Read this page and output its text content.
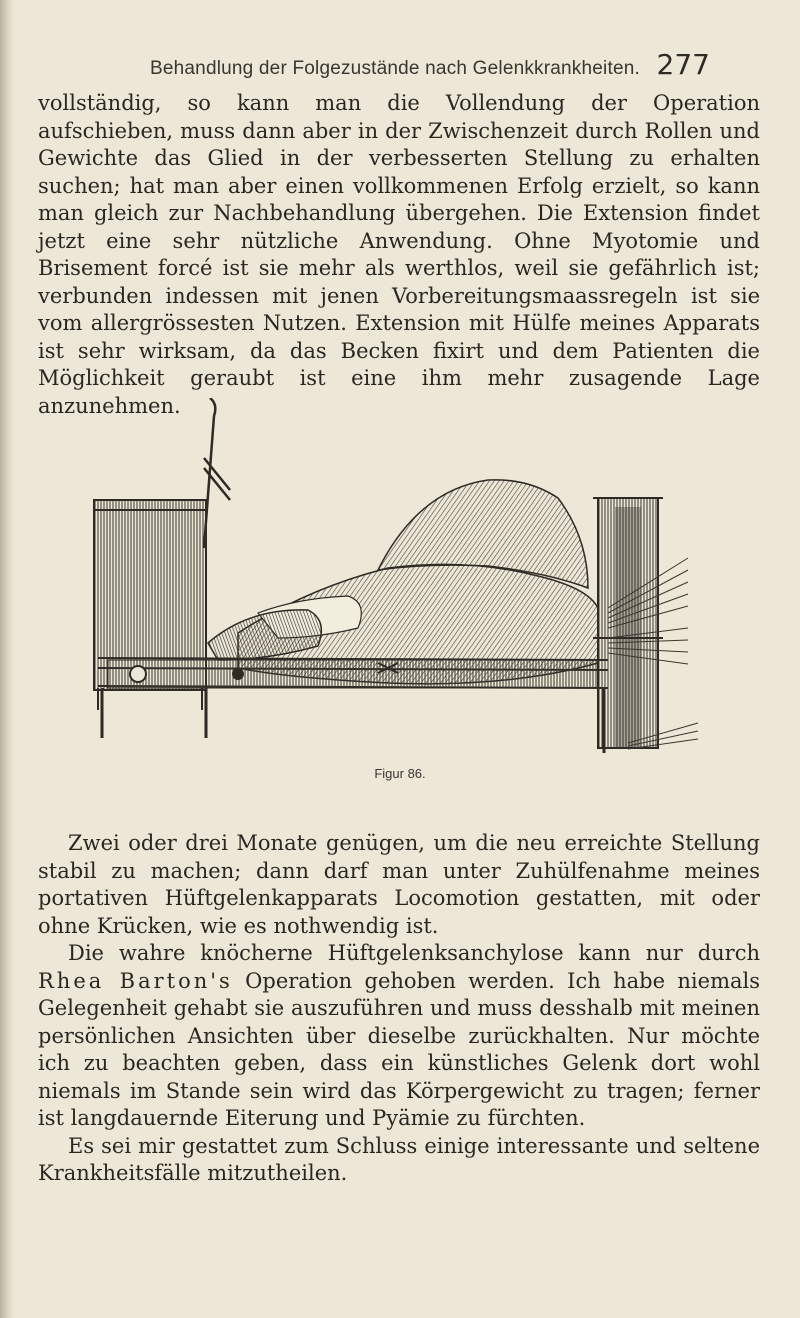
Behandlung der Folgezustände nach Gelenkkrankheiten. 277

vollständig, so kann man die Vollendung der Operation aufschieben, muss dann aber in der Zwischenzeit durch Rollen und Gewichte das Glied in der verbesserten Stellung zu erhalten suchen; hat man aber einen vollkommenen Erfolg erzielt, so kann man gleich zur Nachbehandlung übergehen. Die Extension findet jetzt eine sehr nützliche Anwendung. Ohne Myotomie und Brisement forcé ist sie mehr als werthlos, weil sie gefährlich ist; verbunden indessen mit jenen Vorbereitungsmaassregeln ist sie vom allergrössesten Nutzen. Extension mit Hülfe meines Apparats ist sehr wirksam, da das Becken fixirt und dem Patienten die Möglichkeit geraubt ist eine ihm mehr zusagende Lage anzunehmen.

Figur 86.

Zwei oder drei Monate genügen, um die neu erreichte Stellung stabil zu machen; dann darf man unter Zuhülfenahme meines portativen Hüftgelenkapparats Locomotion gestatten, mit oder ohne Krücken, wie es nothwendig ist.

Die wahre knöcherne Hüftgelenksanchylose kann nur durch Rhea Barton's Operation gehoben werden. Ich habe niemals Gelegenheit gehabt sie auszuführen und muss desshalb mit meinen persönlichen Ansichten über dieselbe zurückhalten. Nur möchte ich zu beachten geben, dass ein künstliches Gelenk dort wohl niemals im Stande sein wird das Körpergewicht zu tragen; ferner ist langdauernde Eiterung und Pyämie zu fürchten.

Es sei mir gestattet zum Schluss einige interessante und seltene Krankheitsfälle mitzutheilen.
